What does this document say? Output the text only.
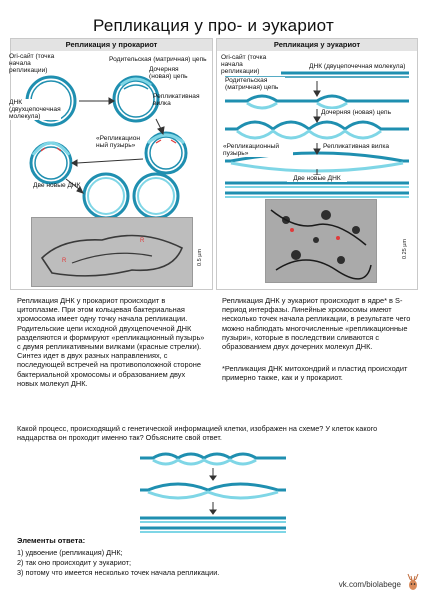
Репликация у про- и эукариот
Репликация у прокариот
Ori-сайт (точка начала репликации)
Родительская (матричная) цепь
Дочерняя (новая) цепь
ДНК (двухцепочечная молекула)
Репликативная вилка
«Репликацион ный пузырь»
Две новые ДНК
R
R
0.5 µm
Репликация у эукариот
Ori-сайт (точка начала репликации)
ДНК (двуцепочечная молекула)
Родительская (матричная) цепь
Дочерняя (новая) цепь
«Репликационный пузырь»
Репликативная вилка
Две новые ДНК
0.25 µm
Репликация ДНК у прокариот происходит в цитоплазме. При этом кольцевая бактериальная хромосома имеет одну точку начала репликации. Родительские цепи исходной двухцепочечной ДНК разделяются и формируют «репликационный пузырь» с двумя репликативными вилками (красные стрелки). Синтез идет в двух разных направлениях, с последующей встречей на противоположной стороне бактериальной хромосомы и образованием двух новых молекул ДНК.
Репликация ДНК у эукариот происходит в ядре* в S-период интерфазы. Линейные хромосомы имеют несколько точек начала репликации, в результате чего можно наблюдать многочисленные «репликационные пузыри», которые в последствии сливаются с образованием двух дочерних молекул ДНК.
*Репликация ДНК митохондрий и пластид происходит примерно также, как и у прокариот.
Какой процесс, происходящий с генетической информацией клетки, изображен на схеме? У клеток какого надцарства он проходит именно так? Объясните свой ответ.
Элементы ответа:
1) удвоение (репликация) ДНК;
2) так оно происходит у эукариот;
3) потому что имеется несколько точек начала репликации.
vk.com/biolabege
